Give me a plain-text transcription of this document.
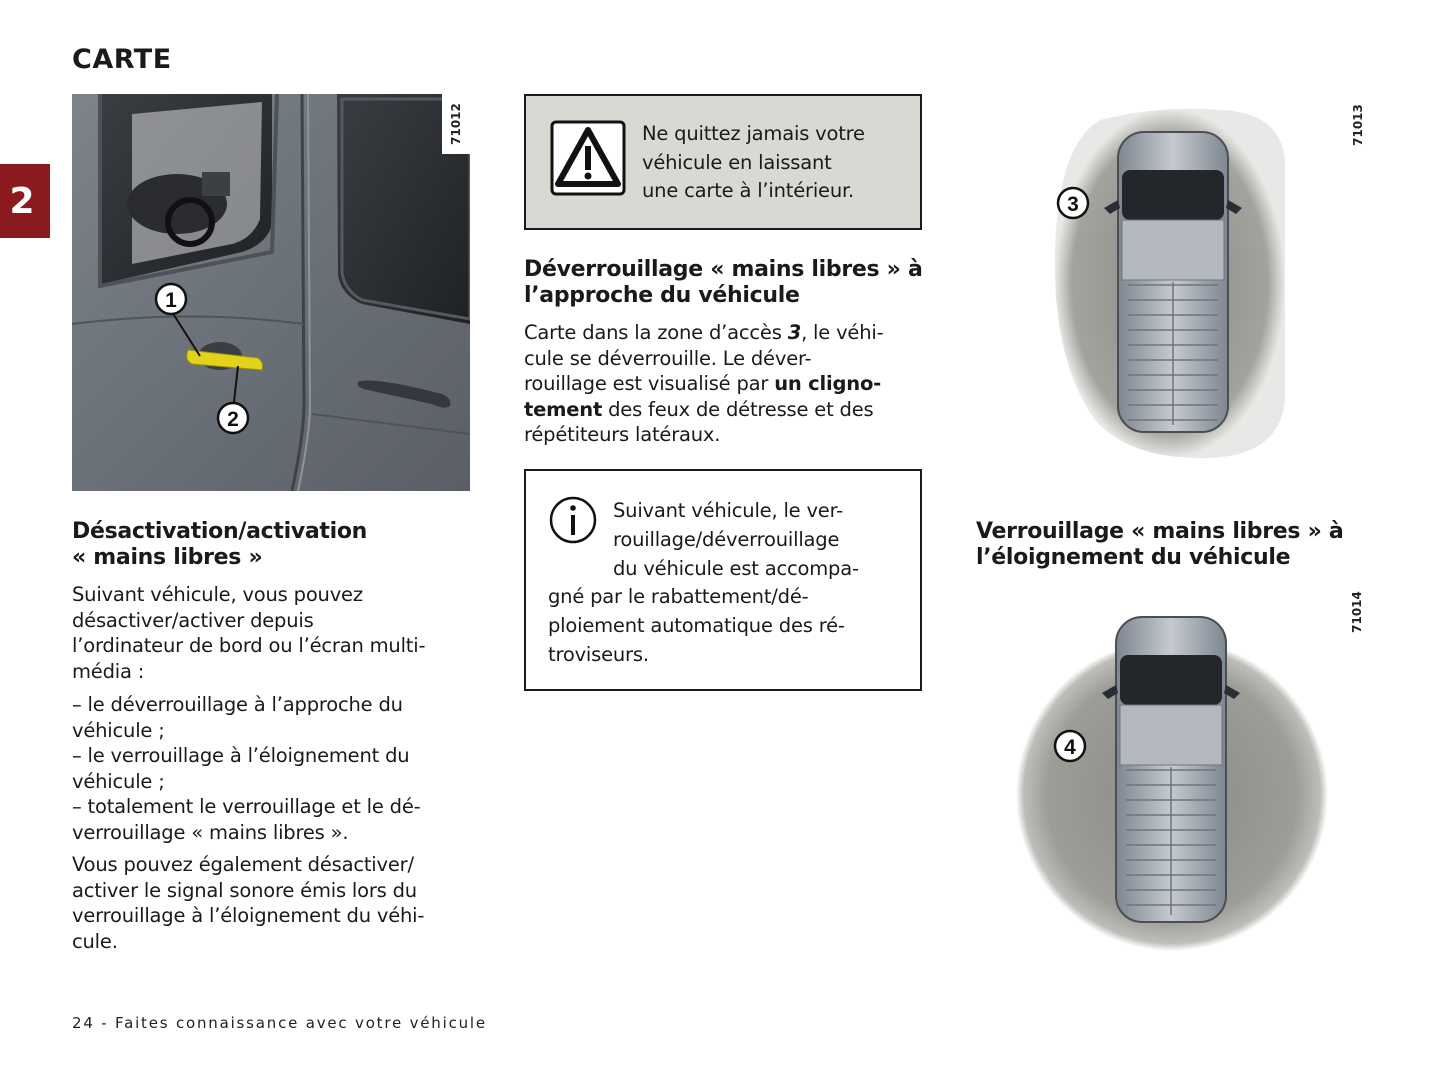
CARTE
2
1
2
71012
Désactivation/activation
« mains libres »
Suivant véhicule, vous pouvez
désactiver/activer depuis
l’ordinateur de bord ou l’écran multi-
média :
– le déverrouillage à l’approche du
véhicule ;
– le verrouillage à l’éloignement du
véhicule ;
– totalement le verrouillage et le dé-
verrouillage « mains libres ».
Vous pouvez également désactiver/
activer le signal sonore émis lors du
verrouillage à l’éloignement du véhi-
cule.
Ne quittez jamais votre
véhicule en laissant
une carte à l’intérieur.
Déverrouillage « mains libres » à
l’approche du véhicule
Carte dans la zone d’accès 3, le véhi-
cule se déverrouille. Le déver-
rouillage est visualisé par un cligno-
tement des feux de détresse et des
répétiteurs latéraux.
Suivant véhicule, le ver-
rouillage/déverrouillage
du véhicule est accompa-
gné par le rabattement/dé-
ploiement automatique des ré-
troviseurs.
3
71013
Verrouillage « mains libres » à
l’éloignement du véhicule
4
71014
24 - Faites connaissance avec votre véhicule
